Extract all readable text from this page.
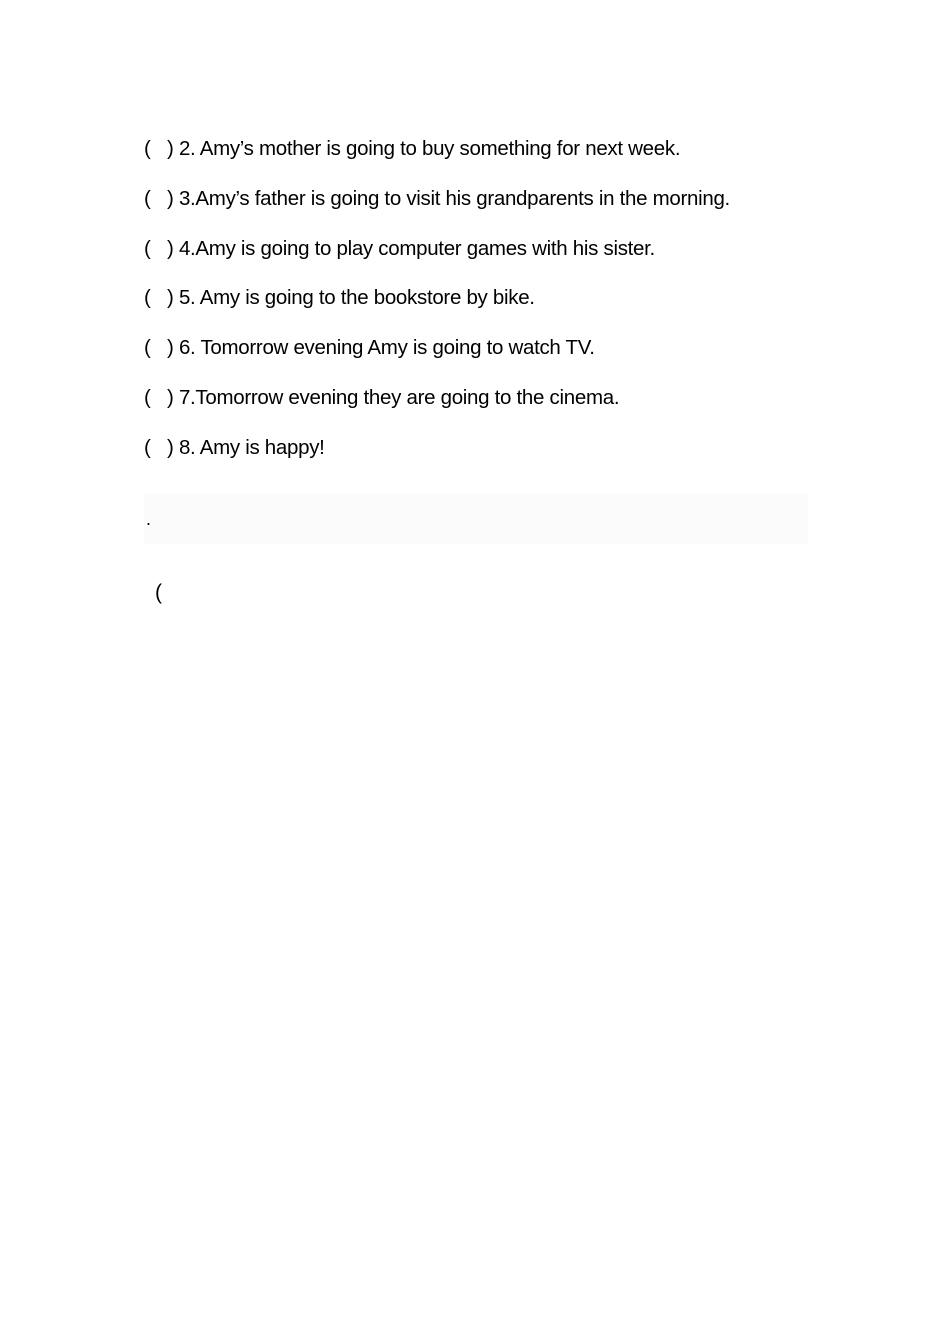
( ) 2. Amy’s mother is going to buy something for next week.
( ) 3.Amy’s father is going to visit his grandparents in the morning.
( ) 4.Amy is going to play computer games with his sister.
( ) 5. Amy is going to the bookstore by bike.
( ) 6. Tomorrow evening Amy is going to watch TV.
( ) 7.Tomorrow evening they are going to the cinema.
( ) 8. Amy is happy!
.
(
